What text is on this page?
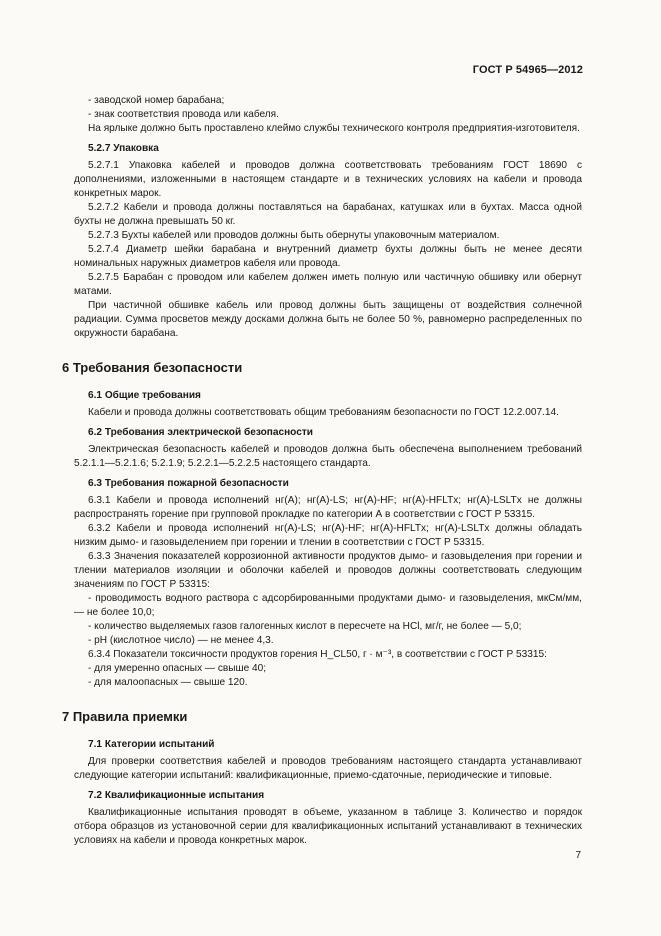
ГОСТ Р 54965—2012

- заводской номер барабана;

- знак соответствия провода или кабеля.

На ярлыке должно быть проставлено клеймо службы технического контроля предприятия-изготовителя.

5.2.7 Упаковка

5.2.7.1 Упаковка кабелей и проводов должна соответствовать требованиям ГОСТ 18690 с дополнениями, изложенными в настоящем стандарте и в технических условиях на кабели и провода конкретных марок.

5.2.7.2 Кабели и провода должны поставляться на барабанах, катушках или в бухтах. Масса одной бухты не должна превышать 50 кг.

5.2.7.3 Бухты кабелей или проводов должны быть обернуты упаковочным материалом.

5.2.7.4 Диаметр шейки барабана и внутренний диаметр бухты должны быть не менее десяти номинальных наружных диаметров кабеля или провода.

5.2.7.5 Барабан с проводом или кабелем должен иметь полную или частичную обшивку или обернут матами.

При частичной обшивке кабель или провод должны быть защищены от воздействия солнечной радиации. Сумма просветов между досками должна быть не более 50 %, равномерно распределенных по окружности барабана.

6 Требования безопасности

6.1 Общие требования

Кабели и провода должны соответствовать общим требованиям безопасности по ГОСТ 12.2.007.14.

6.2 Требования электрической безопасности

Электрическая безопасность кабелей и проводов должна быть обеспечена выполнением требований 5.2.1.1—5.2.1.6; 5.2.1.9; 5.2.2.1—5.2.2.5 настоящего стандарта.

6.3 Требования пожарной безопасности

6.3.1 Кабели и провода исполнений нг(А); нг(А)-LS; нг(А)-HF; нг(А)-HFLTx; нг(А)-LSLTx не должны распространять горение при групповой прокладке по категории А в соответствии с ГОСТ Р 53315.

6.3.2 Кабели и провода исполнений нг(А)-LS; нг(А)-HF; нг(А)-HFLTx; нг(А)-LSLTx должны обладать низким дымо- и газовыделением при горении и тлении в соответствии с ГОСТ Р 53315.

6.3.3 Значения показателей коррозионной активности продуктов дымо- и газовыделения при горении и тлении материалов изоляции и оболочки кабелей и проводов должны соответствовать следующим значениям по ГОСТ Р 53315:

- проводимость водного раствора с адсорбированными продуктами дымо- и газовыделения, мкСм/мм, — не более 10,0;

- количество выделяемых газов галогенных кислот в пересчете на HCl, мг/г, не более — 5,0;

- pH (кислотное число) — не менее 4,3.

6.3.4 Показатели токсичности продуктов горения H_CL50, г · м⁻³, в соответствии с ГОСТ Р 53315:

- для умеренно опасных — свыше 40;

- для малоопасных — свыше 120.

7 Правила приемки

7.1 Категории испытаний

Для проверки соответствия кабелей и проводов требованиям настоящего стандарта устанавливают следующие категории испытаний: квалификационные, приемо-сдаточные, периодические и типовые.

7.2 Квалификационные испытания

Квалификационные испытания проводят в объеме, указанном в таблице 3. Количество и порядок отбора образцов из установочной серии для квалификационных испытаний устанавливают в технических условиях на кабели и провода конкретных марок.

7
